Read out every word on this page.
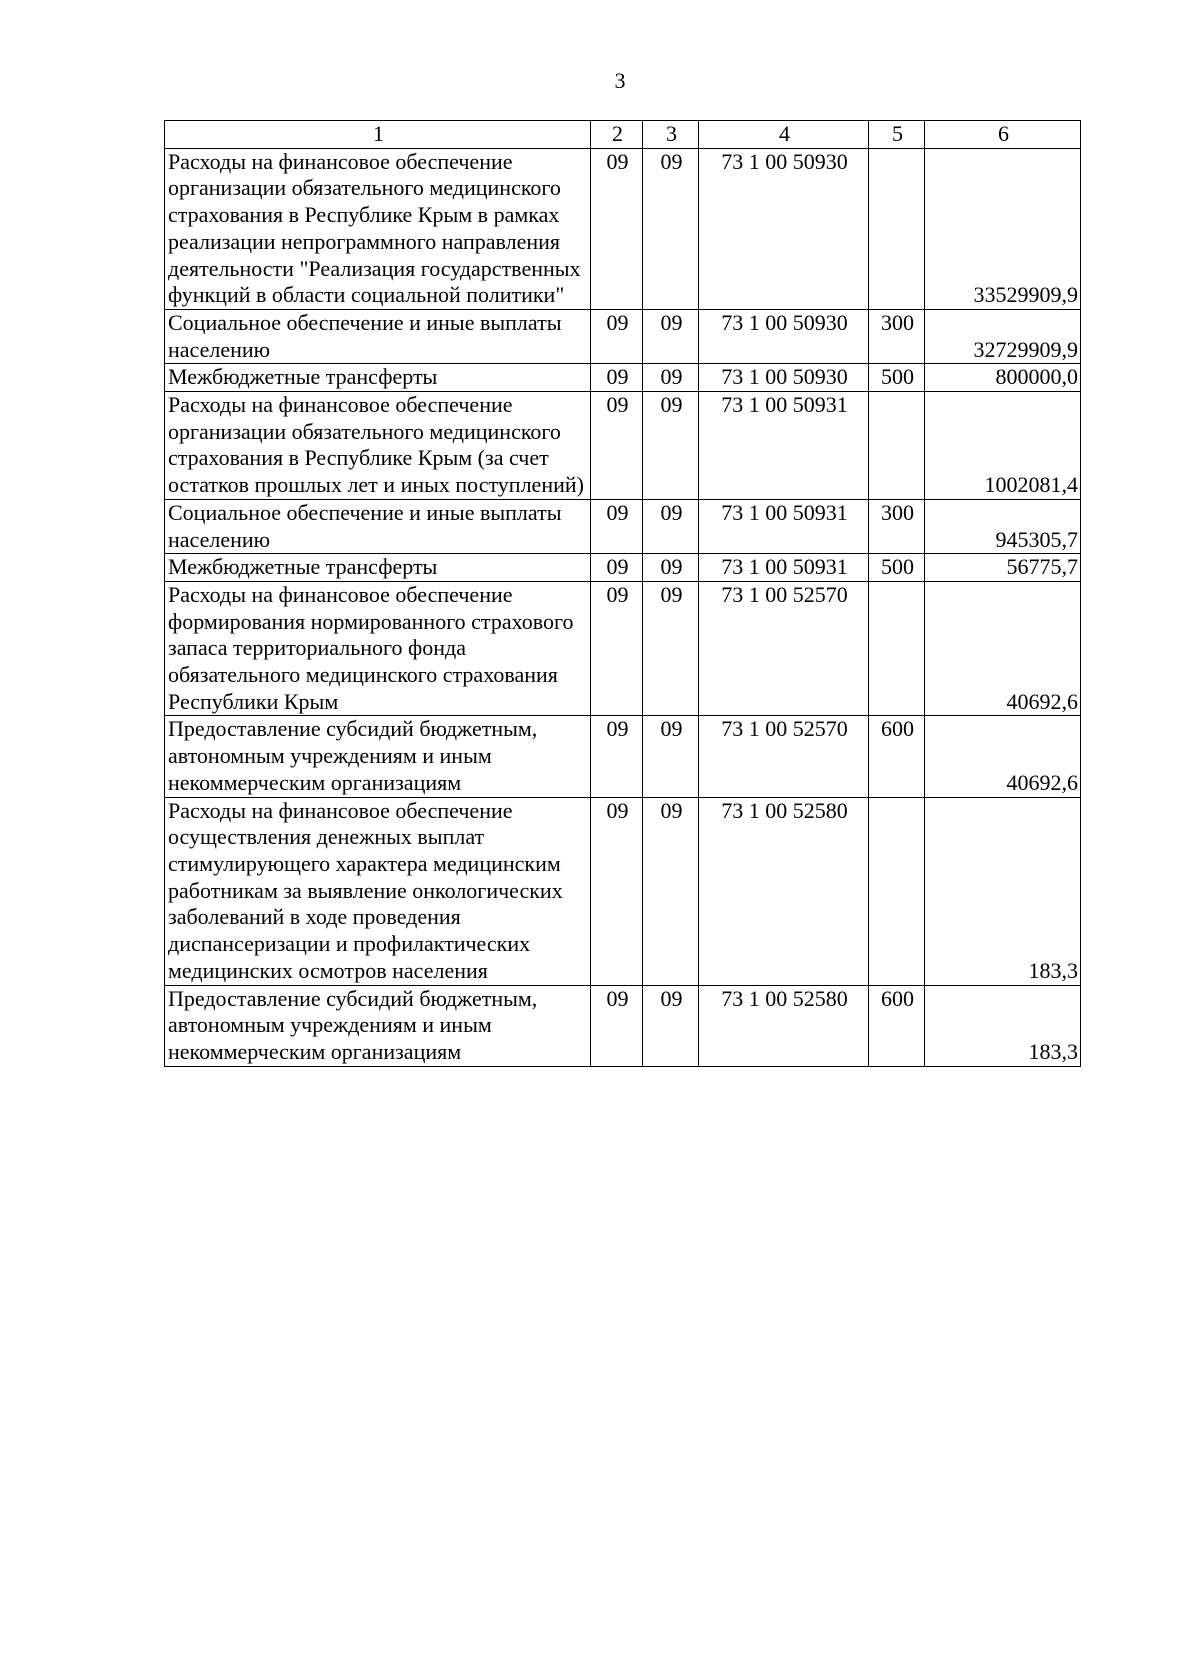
3
1	2	3	4	5	6
Расходы на финансовое обеспечение организации обязательного медицинского страхования в Республике Крым в рамках реализации непрограммного направления деятельности "Реализация государственных функций в области социальной политики"	09	09	73 1 00 50930		33529909,9
Социальное обеспечение и иные выплаты населению	09	09	73 1 00 50930	300	32729909,9
Межбюджетные трансферты	09	09	73 1 00 50930	500	800000,0
Расходы на финансовое обеспечение организации обязательного медицинского страхования в Республике Крым (за счет остатков прошлых лет и иных поступлений)	09	09	73 1 00 50931		1002081,4
Социальное обеспечение и иные выплаты населению	09	09	73 1 00 50931	300	945305,7
Межбюджетные трансферты	09	09	73 1 00 50931	500	56775,7
Расходы на финансовое обеспечение формирования нормированного страхового запаса территориального фонда обязательного медицинского страхования Республики Крым	09	09	73 1 00 52570		40692,6
Предоставление субсидий бюджетным, автономным учреждениям и иным некоммерческим организациям	09	09	73 1 00 52570	600	40692,6
Расходы на финансовое обеспечение осуществления денежных выплат стимулирующего характера медицинским работникам за выявление онкологических заболеваний в ходе проведения диспансеризации и профилактических медицинских осмотров населения	09	09	73 1 00 52580		183,3
Предоставление субсидий бюджетным, автономным учреждениям и иным некоммерческим организациям	09	09	73 1 00 52580	600	183,3
